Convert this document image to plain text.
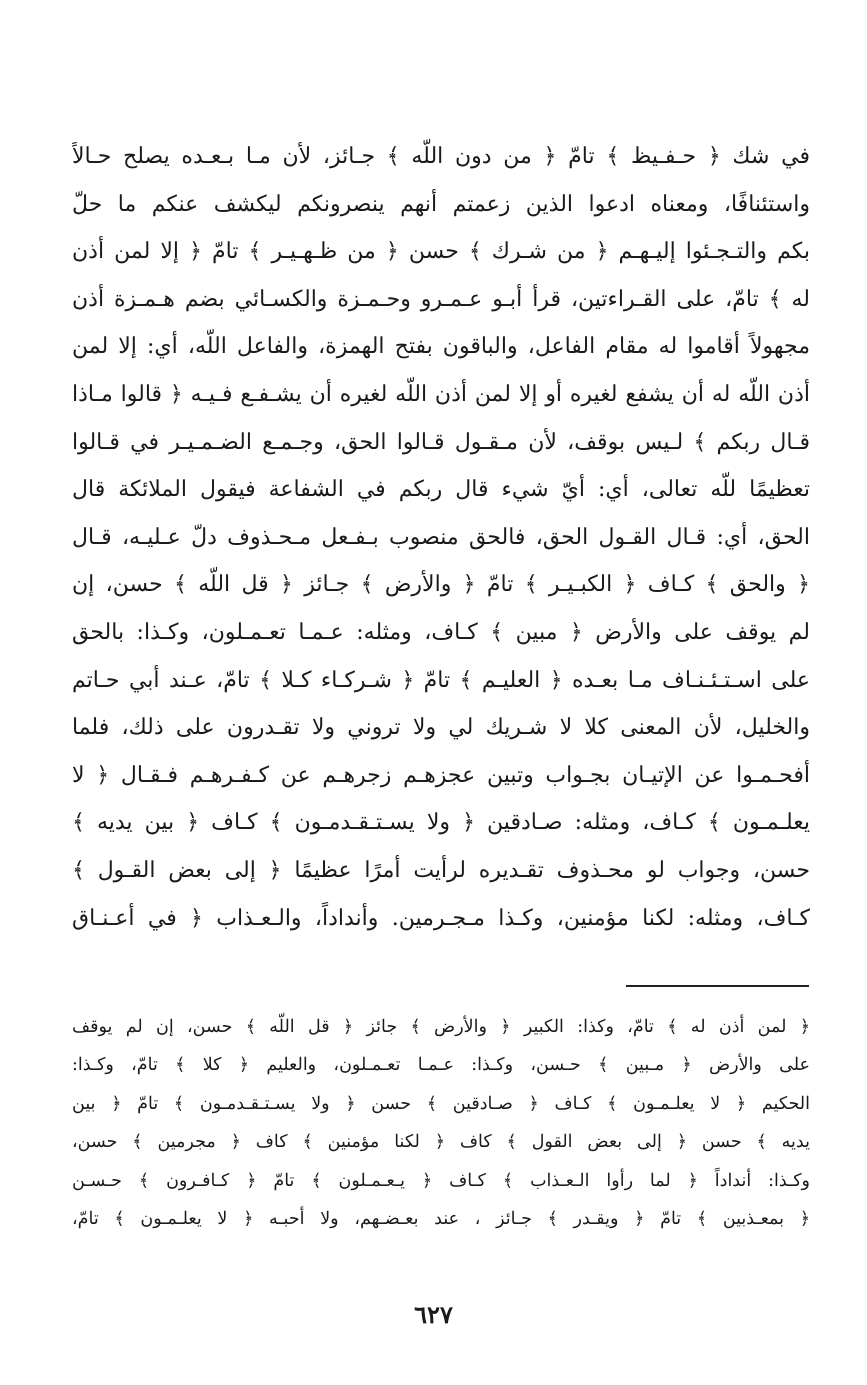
في شك ﴿ حـفـيظ ﴾ تامّ ﴿ من دون اللّه ﴾ جـائز، لأن مـا بـعـده يصلح حـالاً
واستئنافًا، ومعناه ادعوا الذين زعمتم أنهم ينصرونكم ليكشف عنكم ما حلّ
بكم والتـجـئوا إليـهـم ﴿ من شـرك ﴾ حسن ﴿ من ظـهـيـر ﴾ تامّ ﴿ إلا لمن أذن
له ﴾ تامّ، على القـراءتين، قرأ أبـو عـمـرو وحـمـزة والكسـائي بضم هـمـزة أذن
مجهولاً أقاموا له مقام الفاعل، والباقون بفتح الهمزة، والفاعل اللّه، أي: إلا لمن
أذن اللّه له أن يشفع لغيره أو إلا لمن أذن اللّه لغيره أن يشـفـع فـيـه ﴿ قالوا مـاذا
قـال ربكم ﴾ لـيس بوقف، لأن مـقـول قـالوا الحق، وجـمـع الضـمـيـر في قـالوا
تعظيمًا للّه تعالى، أي: أيّ شيء قال ربكم في الشفاعة فيقول الملائكة قال
الحق، أي: قـال القـول الحق، فالحق منصوب بـفـعل مـحـذوف دلّ عـليـه، قـال
﴿ والحق ﴾ كـاف ﴿ الكبـيـر ﴾ تامّ ﴿ والأرض ﴾ جـائز ﴿ قل اللّه ﴾ حسن، إن
لم يوقف على والأرض ﴿ مبين ﴾ كـاف، ومثله: عـمـا تعـمـلون، وكـذا: بالحق
على اسـتـئـنـاف مـا بعـده ﴿ العليـم ﴾ تامّ ﴿ شـركـاء كـلا ﴾ تامّ، عـند أبي حـاتم
والخليل، لأن المعنى كلا لا شـريك لي ولا تروني ولا تقـدرون على ذلك، فلما
أفحـمـوا عن الإتيـان بجـواب وتبين عجزهـم زجرهـم عن كـفـرهـم فـقـال ﴿ لا
يعلـمـون ﴾ كـاف، ومثله: صـادقين ﴿ ولا يسـتـقـدمـون ﴾ كـاف ﴿ بين يديه ﴾
حسن، وجواب لو محـذوف تقـديره لرأيت أمرًا عظيمًا ﴿ إلى بعض القـول ﴾
كـاف، ومثله: لكنا مؤمنين، وكـذا مـجـرمين. وأنداداً، والـعـذاب ﴿ في أعـنـاق
﴿ لمن أذن له ﴾ تامّ، وكذا: الكبير ﴿ والأرض ﴾ جائز ﴿ قل اللّه ﴾ حسن، إن لم يوقف
على والأرض ﴿ مـبين ﴾ حـسن، وكـذا: عـمـا تعـمـلون، والعليم ﴿ كلا ﴾ تامّ، وكـذا:
الحكيم ﴿ لا يعلـمـون ﴾ كـاف ﴿ صـادقين ﴾ حسن ﴿ ولا يسـتـقـدمـون ﴾ تامّ ﴿ بين
يديه ﴾ حسن ﴿ إلى بعض القول ﴾ كاف ﴿ لكنا مؤمنين ﴾ كاف ﴿ مجرمين ﴾ حسن،
وكـذا: أنداداً ﴿ لما رأوا الـعـذاب ﴾ كـاف ﴿ يـعـمـلون ﴾ تامّ ﴿ كـافـرون ﴾ حـسـن
﴿ بمعـذبين ﴾ تامّ ﴿ ويقـدر ﴾ جـائز ، عند بعـضـهم، ولا أحبـه ﴿ لا يعلـمـون ﴾ تامّ،
٦٢٧
